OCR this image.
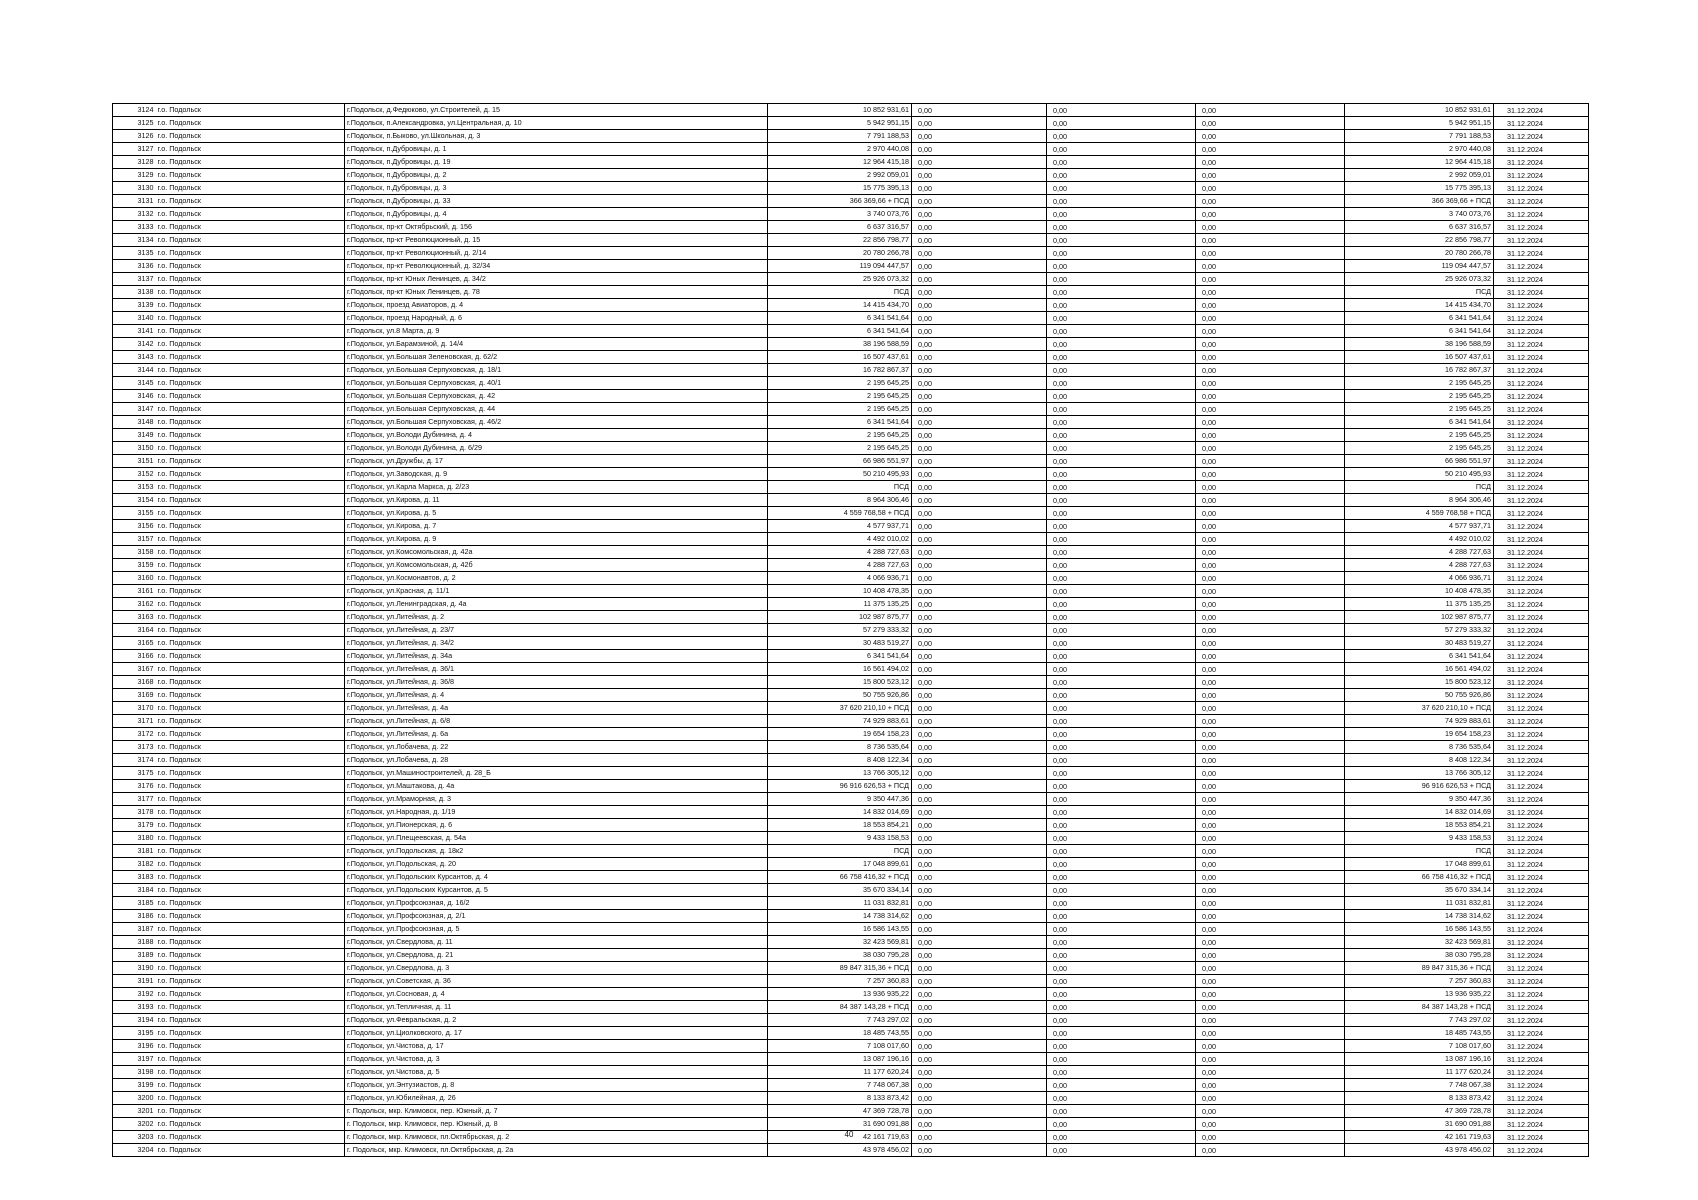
3124	г.о. Подольск	г.Подольск, д.Федюково, ул.Строителей, д. 15	10 852 931,61	0,00	0,00	0,00	10 852 931,61	31.12.2024
3125	г.о. Подольск	г.Подольск, п.Александровка, ул.Центральная, д. 10	5 942 951,15	0,00	0,00	0,00	5 942 951,15	31.12.2024
3126	г.о. Подольск	г.Подольск, п.Быково, ул.Школьная, д. 3	7 791 188,53	0,00	0,00	0,00	7 791 188,53	31.12.2024
3127	г.о. Подольск	г.Подольск, п.Дубровицы, д. 1	2 970 440,08	0,00	0,00	0,00	2 970 440,08	31.12.2024
3128	г.о. Подольск	г.Подольск, п.Дубровицы, д. 19	12 964 415,18	0,00	0,00	0,00	12 964 415,18	31.12.2024
3129	г.о. Подольск	г.Подольск, п.Дубровицы, д. 2	2 992 059,01	0,00	0,00	0,00	2 992 059,01	31.12.2024
3130	г.о. Подольск	г.Подольск, п.Дубровицы, д. 3	15 775 395,13	0,00	0,00	0,00	15 775 395,13	31.12.2024
3131	г.о. Подольск	г.Подольск, п.Дубровицы, д. 33	366 369,66 + ПСД	0,00	0,00	0,00	366 369,66 + ПСД	31.12.2024
3132	г.о. Подольск	г.Подольск, п.Дубровицы, д. 4	3 740 073,76	0,00	0,00	0,00	3 740 073,76	31.12.2024
3133	г.о. Подольск	г.Подольск, пр-кт Октябрьский, д. 156	6 637 316,57	0,00	0,00	0,00	6 637 316,57	31.12.2024
3134	г.о. Подольск	г.Подольск, пр-кт Революционный, д. 15	22 856 798,77	0,00	0,00	0,00	22 856 798,77	31.12.2024
3135	г.о. Подольск	г.Подольск, пр-кт Революционный, д. 2/14	20 780 266,78	0,00	0,00	0,00	20 780 266,78	31.12.2024
3136	г.о. Подольск	г.Подольск, пр-кт Революционный, д. 32/34	119 094 447,57	0,00	0,00	0,00	119 094 447,57	31.12.2024
3137	г.о. Подольск	г.Подольск, пр-кт Юных Ленинцев, д. 34/2	25 926 073,32	0,00	0,00	0,00	25 926 073,32	31.12.2024
3138	г.о. Подольск	г.Подольск, пр-кт Юных Ленинцев, д. 78	ПСД	0,00	0,00	0,00	ПСД	31.12.2024
3139	г.о. Подольск	г.Подольск, проезд Авиаторов, д. 4	14 415 434,70	0,00	0,00	0,00	14 415 434,70	31.12.2024
3140	г.о. Подольск	г.Подольск, проезд Народный, д. 6	6 341 541,64	0,00	0,00	0,00	6 341 541,64	31.12.2024
3141	г.о. Подольск	г.Подольск, ул.8 Марта, д. 9	6 341 541,64	0,00	0,00	0,00	6 341 541,64	31.12.2024
3142	г.о. Подольск	г.Подольск, ул.Барамзиной, д. 14/4	38 196 588,59	0,00	0,00	0,00	38 196 588,59	31.12.2024
3143	г.о. Подольск	г.Подольск, ул.Большая Зеленовская, д. 62/2	16 507 437,61	0,00	0,00	0,00	16 507 437,61	31.12.2024
3144	г.о. Подольск	г.Подольск, ул.Большая Серпуховская, д. 18/1	16 782 867,37	0,00	0,00	0,00	16 782 867,37	31.12.2024
3145	г.о. Подольск	г.Подольск, ул.Большая Серпуховская, д. 40/1	2 195 645,25	0,00	0,00	0,00	2 195 645,25	31.12.2024
3146	г.о. Подольск	г.Подольск, ул.Большая Серпуховская, д. 42	2 195 645,25	0,00	0,00	0,00	2 195 645,25	31.12.2024
3147	г.о. Подольск	г.Подольск, ул.Большая Серпуховская, д. 44	2 195 645,25	0,00	0,00	0,00	2 195 645,25	31.12.2024
3148	г.о. Подольск	г.Подольск, ул.Большая Серпуховская, д. 46/2	6 341 541,64	0,00	0,00	0,00	6 341 541,64	31.12.2024
3149	г.о. Подольск	г.Подольск, ул.Володи Дубинина, д. 4	2 195 645,25	0,00	0,00	0,00	2 195 645,25	31.12.2024
3150	г.о. Подольск	г.Подольск, ул.Володи Дубинина, д. 6/29	2 195 645,25	0,00	0,00	0,00	2 195 645,25	31.12.2024
3151	г.о. Подольск	г.Подольск, ул.Дружбы, д. 17	66 986 551,97	0,00	0,00	0,00	66 986 551,97	31.12.2024
3152	г.о. Подольск	г.Подольск, ул.Заводская, д. 9	50 210 495,93	0,00	0,00	0,00	50 210 495,93	31.12.2024
3153	г.о. Подольск	г.Подольск, ул.Карла Маркса, д. 2/23	ПСД	0,00	0,00	0,00	ПСД	31.12.2024
3154	г.о. Подольск	г.Подольск, ул.Кирова, д. 11	8 964 306,46	0,00	0,00	0,00	8 964 306,46	31.12.2024
3155	г.о. Подольск	г.Подольск, ул.Кирова, д. 5	4 559 768,58 + ПСД	0,00	0,00	0,00	4 559 768,58 + ПСД	31.12.2024
3156	г.о. Подольск	г.Подольск, ул.Кирова, д. 7	4 577 937,71	0,00	0,00	0,00	4 577 937,71	31.12.2024
3157	г.о. Подольск	г.Подольск, ул.Кирова, д. 9	4 492 010,02	0,00	0,00	0,00	4 492 010,02	31.12.2024
3158	г.о. Подольск	г.Подольск, ул.Комсомольская, д. 42а	4 288 727,63	0,00	0,00	0,00	4 288 727,63	31.12.2024
3159	г.о. Подольск	г.Подольск, ул.Комсомольская, д. 42б	4 288 727,63	0,00	0,00	0,00	4 288 727,63	31.12.2024
3160	г.о. Подольск	г.Подольск, ул.Космонавтов, д. 2	4 066 936,71	0,00	0,00	0,00	4 066 936,71	31.12.2024
3161	г.о. Подольск	г.Подольск, ул.Красная, д. 11/1	10 408 478,35	0,00	0,00	0,00	10 408 478,35	31.12.2024
3162	г.о. Подольск	г.Подольск, ул.Ленинградская, д. 4а	11 375 135,25	0,00	0,00	0,00	11 375 135,25	31.12.2024
3163	г.о. Подольск	г.Подольск, ул.Литейная, д. 2	102 987 875,77	0,00	0,00	0,00	102 987 875,77	31.12.2024
3164	г.о. Подольск	г.Подольск, ул.Литейная, д. 23/7	57 279 333,32	0,00	0,00	0,00	57 279 333,32	31.12.2024
3165	г.о. Подольск	г.Подольск, ул.Литейная, д. 34/2	30 483 519,27	0,00	0,00	0,00	30 483 519,27	31.12.2024
3166	г.о. Подольск	г.Подольск, ул.Литейная, д. 34а	6 341 541,64	0,00	0,00	0,00	6 341 541,64	31.12.2024
3167	г.о. Подольск	г.Подольск, ул.Литейная, д. 36/1	16 561 494,02	0,00	0,00	0,00	16 561 494,02	31.12.2024
3168	г.о. Подольск	г.Подольск, ул.Литейная, д. 36/8	15 800 523,12	0,00	0,00	0,00	15 800 523,12	31.12.2024
3169	г.о. Подольск	г.Подольск, ул.Литейная, д. 4	50 755 926,86	0,00	0,00	0,00	50 755 926,86	31.12.2024
3170	г.о. Подольск	г.Подольск, ул.Литейная, д. 4а	37 620 210,10 + ПСД	0,00	0,00	0,00	37 620 210,10 + ПСД	31.12.2024
3171	г.о. Подольск	г.Подольск, ул.Литейная, д. 6/8	74 929 883,61	0,00	0,00	0,00	74 929 883,61	31.12.2024
3172	г.о. Подольск	г.Подольск, ул.Литейная, д. 6а	19 654 158,23	0,00	0,00	0,00	19 654 158,23	31.12.2024
3173	г.о. Подольск	г.Подольск, ул.Лобачева, д. 22	8 736 535,64	0,00	0,00	0,00	8 736 535,64	31.12.2024
3174	г.о. Подольск	г.Подольск, ул.Лобачева, д. 28	8 408 122,34	0,00	0,00	0,00	8 408 122,34	31.12.2024
3175	г.о. Подольск	г.Подольск, ул.Машиностроителей, д. 28_Б	13 766 305,12	0,00	0,00	0,00	13 766 305,12	31.12.2024
3176	г.о. Подольск	г.Подольск, ул.Маштакова, д. 4а	96 916 626,53 + ПСД	0,00	0,00	0,00	96 916 626,53 + ПСД	31.12.2024
3177	г.о. Подольск	г.Подольск, ул.Мраморная, д. 3	9 350 447,36	0,00	0,00	0,00	9 350 447,36	31.12.2024
3178	г.о. Подольск	г.Подольск, ул.Народная, д. 1/19	14 832 014,69	0,00	0,00	0,00	14 832 014,69	31.12.2024
3179	г.о. Подольск	г.Подольск, ул.Пионерская, д. 6	18 553 854,21	0,00	0,00	0,00	18 553 854,21	31.12.2024
3180	г.о. Подольск	г.Подольск, ул.Плещеевская, д. 54а	9 433 158,53	0,00	0,00	0,00	9 433 158,53	31.12.2024
3181	г.о. Подольск	г.Подольск, ул.Подольская, д. 18к2	ПСД	0,00	0,00	0,00	ПСД	31.12.2024
3182	г.о. Подольск	г.Подольск, ул.Подольская, д. 20	17 048 899,61	0,00	0,00	0,00	17 048 899,61	31.12.2024
3183	г.о. Подольск	г.Подольск, ул.Подольских Курсантов, д. 4	66 758 416,32 + ПСД	0,00	0,00	0,00	66 758 416,32 + ПСД	31.12.2024
3184	г.о. Подольск	г.Подольск, ул.Подольских Курсантов, д. 5	35 670 334,14	0,00	0,00	0,00	35 670 334,14	31.12.2024
3185	г.о. Подольск	г.Подольск, ул.Профсоюзная, д. 16/2	11 031 832,81	0,00	0,00	0,00	11 031 832,81	31.12.2024
3186	г.о. Подольск	г.Подольск, ул.Профсоюзная, д. 2/1	14 738 314,62	0,00	0,00	0,00	14 738 314,62	31.12.2024
3187	г.о. Подольск	г.Подольск, ул.Профсоюзная, д. 5	16 586 143,55	0,00	0,00	0,00	16 586 143,55	31.12.2024
3188	г.о. Подольск	г.Подольск, ул.Свердлова, д. 11	32 423 569,81	0,00	0,00	0,00	32 423 569,81	31.12.2024
3189	г.о. Подольск	г.Подольск, ул.Свердлова, д. 21	38 030 795,28	0,00	0,00	0,00	38 030 795,28	31.12.2024
3190	г.о. Подольск	г.Подольск, ул.Свердлова, д. 3	89 847 315,36 + ПСД	0,00	0,00	0,00	89 847 315,36 + ПСД	31.12.2024
3191	г.о. Подольск	г.Подольск, ул.Советская, д. 36	7 257 360,83	0,00	0,00	0,00	7 257 360,83	31.12.2024
3192	г.о. Подольск	г.Подольск, ул.Сосновая, д. 4	13 936 935,22	0,00	0,00	0,00	13 936 935,22	31.12.2024
3193	г.о. Подольск	г.Подольск, ул.Тепличная, д. 11	84 387 143,28 + ПСД	0,00	0,00	0,00	84 387 143,28 + ПСД	31.12.2024
3194	г.о. Подольск	г.Подольск, ул.Февральская, д. 2	7 743 297,02	0,00	0,00	0,00	7 743 297,02	31.12.2024
3195	г.о. Подольск	г.Подольск, ул.Циолковского, д. 17	18 485 743,55	0,00	0,00	0,00	18 485 743,55	31.12.2024
3196	г.о. Подольск	г.Подольск, ул.Чистова, д. 17	7 108 017,60	0,00	0,00	0,00	7 108 017,60	31.12.2024
3197	г.о. Подольск	г.Подольск, ул.Чистова, д. 3	13 087 196,16	0,00	0,00	0,00	13 087 196,16	31.12.2024
3198	г.о. Подольск	г.Подольск, ул.Чистова, д. 5	11 177 620,24	0,00	0,00	0,00	11 177 620,24	31.12.2024
3199	г.о. Подольск	г.Подольск, ул.Энтузиастов, д. 8	7 748 067,38	0,00	0,00	0,00	7 748 067,38	31.12.2024
3200	г.о. Подольск	г.Подольск, ул.Юбилейная, д. 26	8 133 873,42	0,00	0,00	0,00	8 133 873,42	31.12.2024
3201	г.о. Подольск	г. Подольск, мкр. Климовск, пер. Южный, д. 7	47 369 728,78	0,00	0,00	0,00	47 369 728,78	31.12.2024
3202	г.о. Подольск	г. Подольск, мкр. Климовск, пер. Южный, д. 8	31 690 091,88	0,00	0,00	0,00	31 690 091,88	31.12.2024
3203	г.о. Подольск	г. Подольск, мкр. Климовск, пл.Октябрьская, д. 2	42 161 719,63	0,00	0,00	0,00	42 161 719,63	31.12.2024
3204	г.о. Подольск	г. Подольск, мкр. Климовск, пл.Октябрьская, д. 2а	43 978 456,02	0,00	0,00	0,00	43 978 456,02	31.12.2024
40
